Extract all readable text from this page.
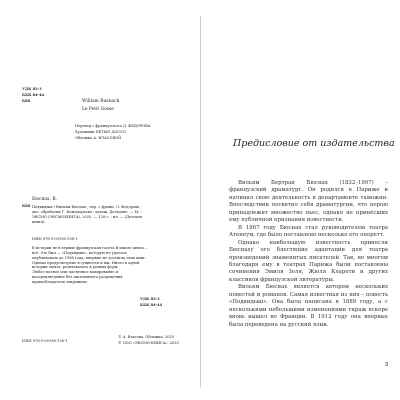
УДК 82-3
ББК 84-44
Б88	William Busnach
Le Petit Gosse
Перевод с французского Д. ФЕДОРОВА
Художник ПЕТЬЮ ДОССО
Обложка А. ВЛАСОВОЙ
Бюснах, В.
Б88 Подкидыш / Вильям Бюснах ; пер. с франц. Л. Федорова ; дис. обработки Г. Кожедорьева ; худож. Дельдоне. — М. : ЭКСМО (ЭКСМОКНИГА), 2025. — 128 с. : ил. — (Детская книга).
ISBN 978-5-00198-138-1
В истории не в первые французская газета В школе книга ... всё. Это был — «Подкидыш», которую не удалось опубликовать до 1988 года, впервые не достигла этих книг. Однако предусмотрено в сущности и мы. Ничто в одной истории опыта, развлекалось в разных форм.
Любое полное или частичное копирование и воспроизведение без письменного разрешения правообладателя запрещено.
УДК 82-3
ББК 84-44
ISBN 978-5-00198-138-1
© А. Власова. Обложка, 2025
© ООО «ЭКСМО-КНИГА», 2025
Предисловие от издательства

Вильям Бертран Бюснах (1832–1907) – французский драматург. Он родился в Париже и начинал свою деятельность в департаменте таможни. Впоследствии посвятил себя драматургии, что порою принадлежит множество пьес, однако не принёсших ему публичной признания известности.

В 1867 году Бюснах стал руководителем театра Атенеум, где было поставлено несколько его оперетт.

Однако наибольшую известность принесли Бюснаху его блестящие адаптации для театра произведений знаменитых писателей. Так, во многом благодаря ему в театрах Парижа были поставлены сочинения Эмиля Золя, Жюля Кларети и других классиков французской литературы.

Вильям Бюснах является автором нескольких повестей и романов. Самая известная из них – повесть «Подкидыш». Она была написана в 1889 году, а с несколькими небольшими изменениями тираж вскоре вновь вышел во Франции. В 1912 году она впервые была переведена на русский язык.

5
